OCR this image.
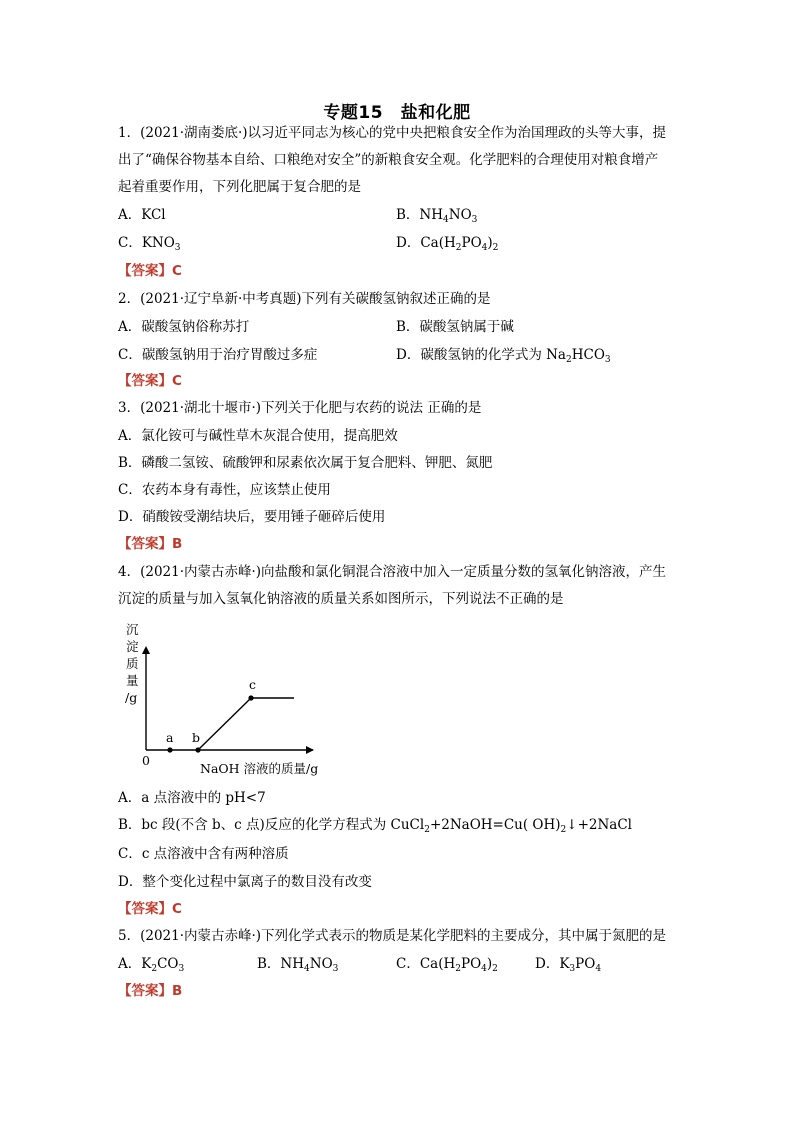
专题15　盐和化肥
1．(2021·湖南娄底·)以习近平同志为核心的党中央把粮食安全作为治国理政的头等大事，提
出了“确保谷物基本自给、口粮绝对安全”的新粮食安全观。化学肥料的合理使用对粮食增产
起着重要作用，下列化肥属于复合肥的是
A．KCl	B．$NH_4NO_3$
C．$KNO_3$	D．$Ca(H_2PO_4)_2$
【答案】C
2．(2021·辽宁阜新·中考真题)下列有关碳酸氢钠叙述正确的是
A．碳酸氢钠俗称苏打	B．碳酸氢钠属于碱
C．碳酸氢钠用于治疗胃酸过多症	D．碳酸氢钠的化学式为 $Na_2HCO_3$
【答案】C
3．(2021·湖北十堰市·)下列关于化肥与农药的说法 正确的是
A．氯化铵可与碱性草木灰混合使用，提高肥效
B．磷酸二氢铵、硫酸钾和尿素依次属于复合肥料、钾肥、氮肥
C．农药本身有毒性，应该禁止使用
D．硝酸铵受潮结块后，要用锤子砸碎后使用
【答案】B
4．(2021·内蒙古赤峰·)向盐酸和氯化铜混合溶液中加入一定质量分数的氢氧化钠溶液，产生
沉淀的质量与加入氢氧化钠溶液的质量关系如图所示，下列说法不正确的是
沉
淀
质
量
/g
0
a b
c
NaOH 溶液的质量/g
A．a 点溶液中的 pH<7
B．bc 段(不含 b、c 点)反应的化学方程式为 CuCl$_2$+2NaOH=Cu( $OH)_2↓+2NaCl$
C．c 点溶液中含有两种溶质
D．整个变化过程中氯离子的数目没有改变
【答案】C
5．(2021·内蒙古赤峰·)下列化学式表示的物质是某化学肥料的主要成分，其中属于氮肥的是
A．$K_2CO_3$	B．$NH_4NO_3$	C．$Ca(H_2PO_4)_2$	D．$K_3PO_4$
【答案】B
